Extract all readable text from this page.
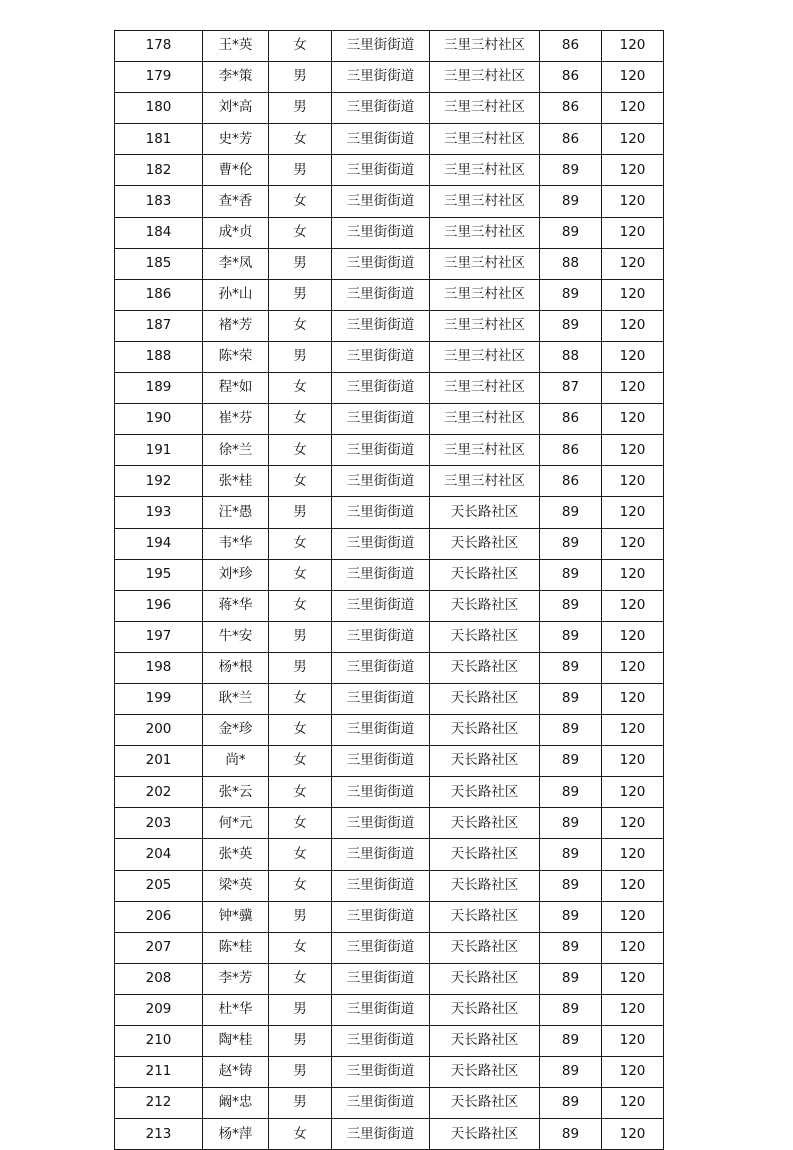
178	王*英	女	三里街街道	三里三村社区	86	120
179	李*策	男	三里街街道	三里三村社区	86	120
180	刘*高	男	三里街街道	三里三村社区	86	120
181	史*芳	女	三里街街道	三里三村社区	86	120
182	曹*伦	男	三里街街道	三里三村社区	89	120
183	查*香	女	三里街街道	三里三村社区	89	120
184	成*贞	女	三里街街道	三里三村社区	89	120
185	李*凤	男	三里街街道	三里三村社区	88	120
186	孙*山	男	三里街街道	三里三村社区	89	120
187	褚*芳	女	三里街街道	三里三村社区	89	120
188	陈*荣	男	三里街街道	三里三村社区	88	120
189	程*如	女	三里街街道	三里三村社区	87	120
190	崔*芬	女	三里街街道	三里三村社区	86	120
191	徐*兰	女	三里街街道	三里三村社区	86	120
192	张*桂	女	三里街街道	三里三村社区	86	120
193	汪*愚	男	三里街街道	天长路社区	89	120
194	韦*华	女	三里街街道	天长路社区	89	120
195	刘*珍	女	三里街街道	天长路社区	89	120
196	蒋*华	女	三里街街道	天长路社区	89	120
197	牛*安	男	三里街街道	天长路社区	89	120
198	杨*根	男	三里街街道	天长路社区	89	120
199	耿*兰	女	三里街街道	天长路社区	89	120
200	金*珍	女	三里街街道	天长路社区	89	120
201	尚*	女	三里街街道	天长路社区	89	120
202	张*云	女	三里街街道	天长路社区	89	120
203	何*元	女	三里街街道	天长路社区	89	120
204	张*英	女	三里街街道	天长路社区	89	120
205	梁*英	女	三里街街道	天长路社区	89	120
206	钟*骥	男	三里街街道	天长路社区	89	120
207	陈*桂	女	三里街街道	天长路社区	89	120
208	李*芳	女	三里街街道	天长路社区	89	120
209	杜*华	男	三里街街道	天长路社区	89	120
210	陶*桂	男	三里街街道	天长路社区	89	120
211	赵*铸	男	三里街街道	天长路社区	89	120
212	阚*忠	男	三里街街道	天长路社区	89	120
213	杨*萍	女	三里街街道	天长路社区	89	120
